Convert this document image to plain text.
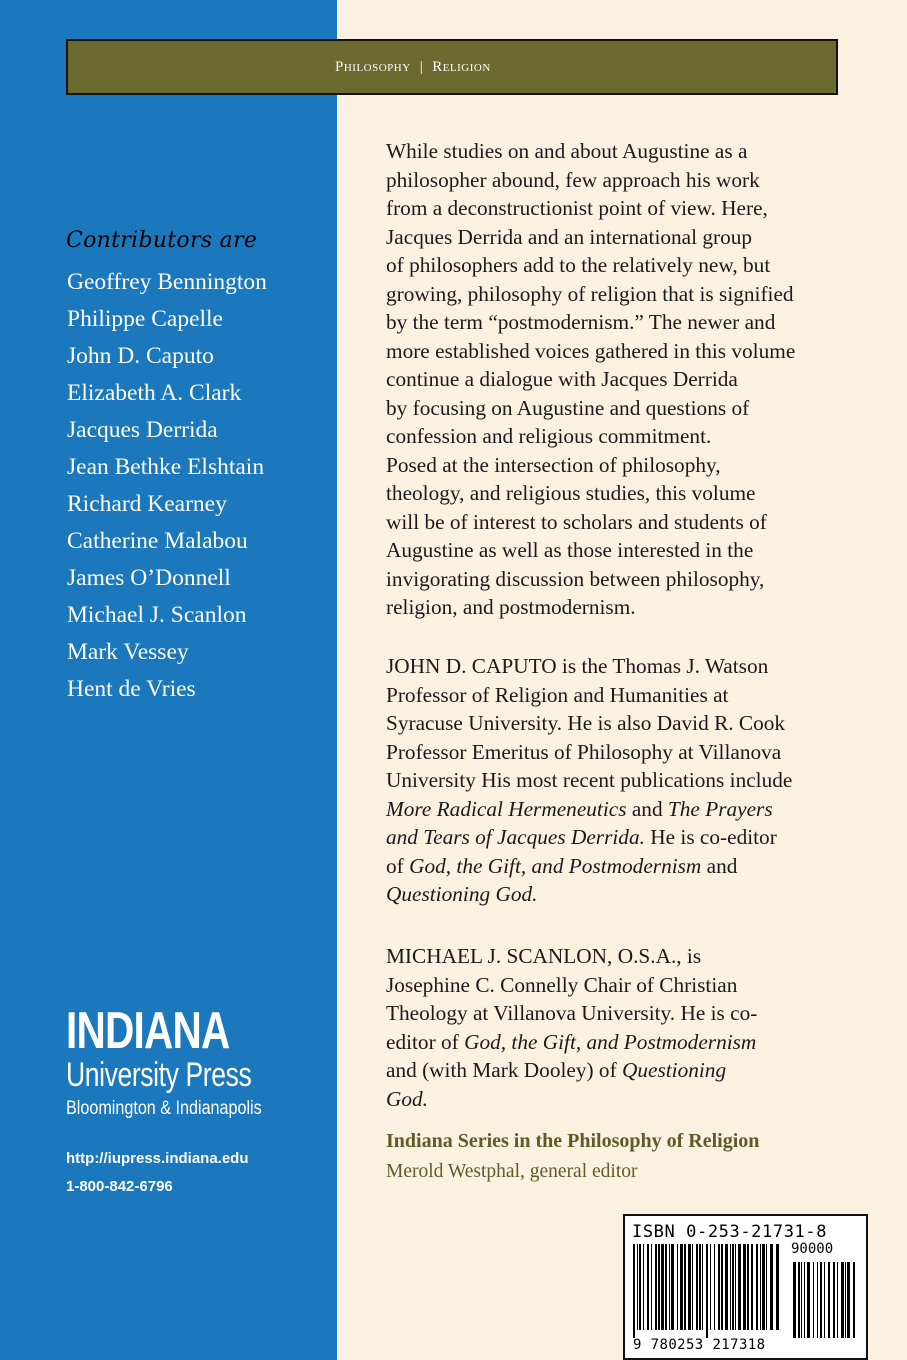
Philosophy | Religion
Contributors are
Geoffrey Bennington
Philippe Capelle
John D. Caputo
Elizabeth A. Clark
Jacques Derrida
Jean Bethke Elshtain
Richard Kearney
Catherine Malabou
James O’Donnell
Michael J. Scanlon
Mark Vessey
Hent de Vries
INDIANA
University Press
Bloomington & Indianapolis
http://iupress.indiana.edu
1-800-842-6796
While studies on and about Augustine as a
philosopher abound, few approach his work
from a deconstructionist point of view. Here,
Jacques Derrida and an international group
of philosophers add to the relatively new, but
growing, philosophy of religion that is signified
by the term “postmodernism.” The newer and
more established voices gathered in this volume
continue a dialogue with Jacques Derrida
by focusing on Augustine and questions of
confession and religious commitment.
Posed at the intersection of philosophy,
theology, and religious studies, this volume
will be of interest to scholars and students of
Augustine as well as those interested in the
invigorating discussion between philosophy,
religion, and postmodernism.
JOHN D. CAPUTO is the Thomas J. Watson
Professor of Religion and Humanities at
Syracuse University. He is also David R. Cook
Professor Emeritus of Philosophy at Villanova
University His most recent publications include
More Radical Hermeneutics and The Prayers
and Tears of Jacques Derrida. He is co-editor
of God, the Gift, and Postmodernism and
Questioning God.
MICHAEL J. SCANLON, O.S.A., is
Josephine C. Connelly Chair of Christian
Theology at Villanova University. He is co-
editor of God, the Gift, and Postmodernism
and (with Mark Dooley) of Questioning
God.
Indiana Series in the Philosophy of Religion
Merold Westphal, general editor
ISBN 0-253-21731-8
90000
9 780253 217318
